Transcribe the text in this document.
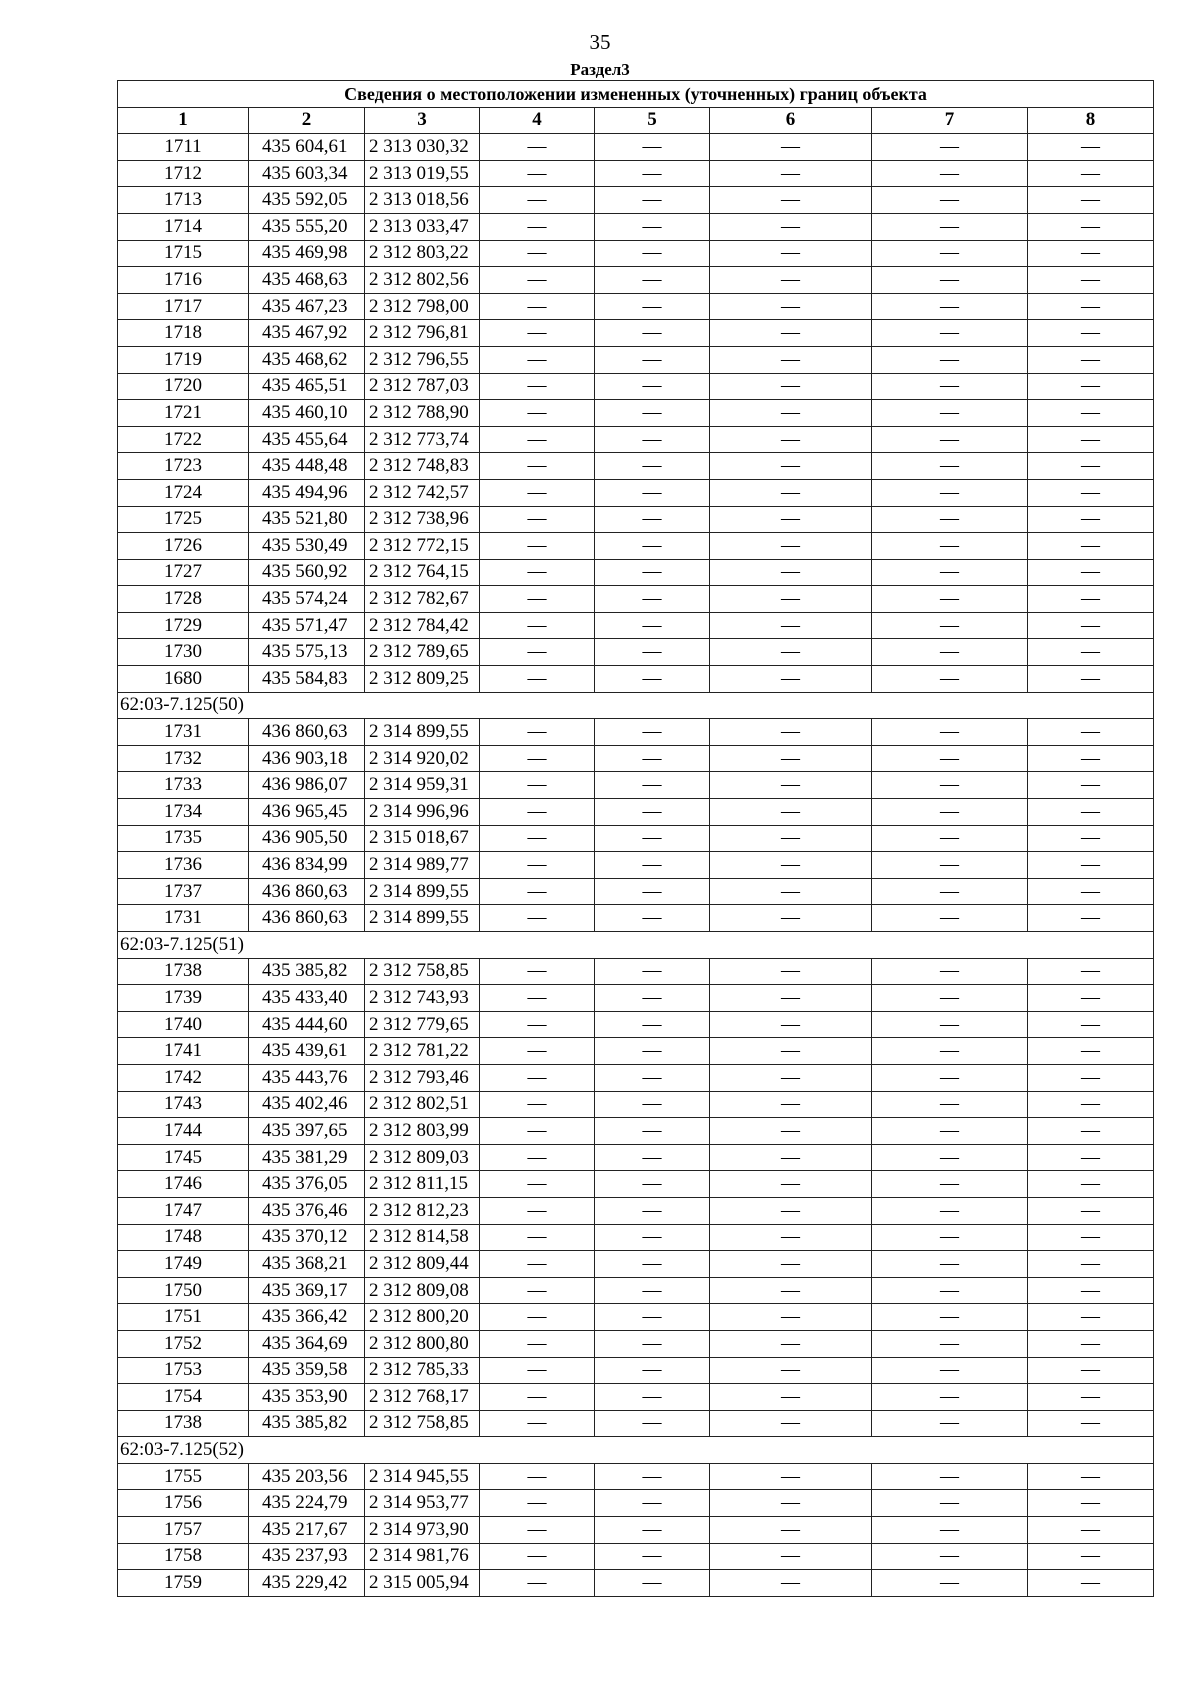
35
Раздел3
Сведения о местоположении измененных (уточненных) границ объекта							
1	2	3	4	5	6	7	8
1711	435 604,61	2 313 030,32	—	—	—	—	—
1712	435 603,34	2 313 019,55	—	—	—	—	—
1713	435 592,05	2 313 018,56	—	—	—	—	—
1714	435 555,20	2 313 033,47	—	—	—	—	—
1715	435 469,98	2 312 803,22	—	—	—	—	—
1716	435 468,63	2 312 802,56	—	—	—	—	—
1717	435 467,23	2 312 798,00	—	—	—	—	—
1718	435 467,92	2 312 796,81	—	—	—	—	—
1719	435 468,62	2 312 796,55	—	—	—	—	—
1720	435 465,51	2 312 787,03	—	—	—	—	—
1721	435 460,10	2 312 788,90	—	—	—	—	—
1722	435 455,64	2 312 773,74	—	—	—	—	—
1723	435 448,48	2 312 748,83	—	—	—	—	—
1724	435 494,96	2 312 742,57	—	—	—	—	—
1725	435 521,80	2 312 738,96	—	—	—	—	—
1726	435 530,49	2 312 772,15	—	—	—	—	—
1727	435 560,92	2 312 764,15	—	—	—	—	—
1728	435 574,24	2 312 782,67	—	—	—	—	—
1729	435 571,47	2 312 784,42	—	—	—	—	—
1730	435 575,13	2 312 789,65	—	—	—	—	—
1680	435 584,83	2 312 809,25	—	—	—	—	—
62:03-7.125(50)							
1731	436 860,63	2 314 899,55	—	—	—	—	—
1732	436 903,18	2 314 920,02	—	—	—	—	—
1733	436 986,07	2 314 959,31	—	—	—	—	—
1734	436 965,45	2 314 996,96	—	—	—	—	—
1735	436 905,50	2 315 018,67	—	—	—	—	—
1736	436 834,99	2 314 989,77	—	—	—	—	—
1737	436 860,63	2 314 899,55	—	—	—	—	—
1731	436 860,63	2 314 899,55	—	—	—	—	—
62:03-7.125(51)							
1738	435 385,82	2 312 758,85	—	—	—	—	—
1739	435 433,40	2 312 743,93	—	—	—	—	—
1740	435 444,60	2 312 779,65	—	—	—	—	—
1741	435 439,61	2 312 781,22	—	—	—	—	—
1742	435 443,76	2 312 793,46	—	—	—	—	—
1743	435 402,46	2 312 802,51	—	—	—	—	—
1744	435 397,65	2 312 803,99	—	—	—	—	—
1745	435 381,29	2 312 809,03	—	—	—	—	—
1746	435 376,05	2 312 811,15	—	—	—	—	—
1747	435 376,46	2 312 812,23	—	—	—	—	—
1748	435 370,12	2 312 814,58	—	—	—	—	—
1749	435 368,21	2 312 809,44	—	—	—	—	—
1750	435 369,17	2 312 809,08	—	—	—	—	—
1751	435 366,42	2 312 800,20	—	—	—	—	—
1752	435 364,69	2 312 800,80	—	—	—	—	—
1753	435 359,58	2 312 785,33	—	—	—	—	—
1754	435 353,90	2 312 768,17	—	—	—	—	—
1738	435 385,82	2 312 758,85	—	—	—	—	—
62:03-7.125(52)							
1755	435 203,56	2 314 945,55	—	—	—	—	—
1756	435 224,79	2 314 953,77	—	—	—	—	—
1757	435 217,67	2 314 973,90	—	—	—	—	—
1758	435 237,93	2 314 981,76	—	—	—	—	—
1759	435 229,42	2 315 005,94	—	—	—	—	—
